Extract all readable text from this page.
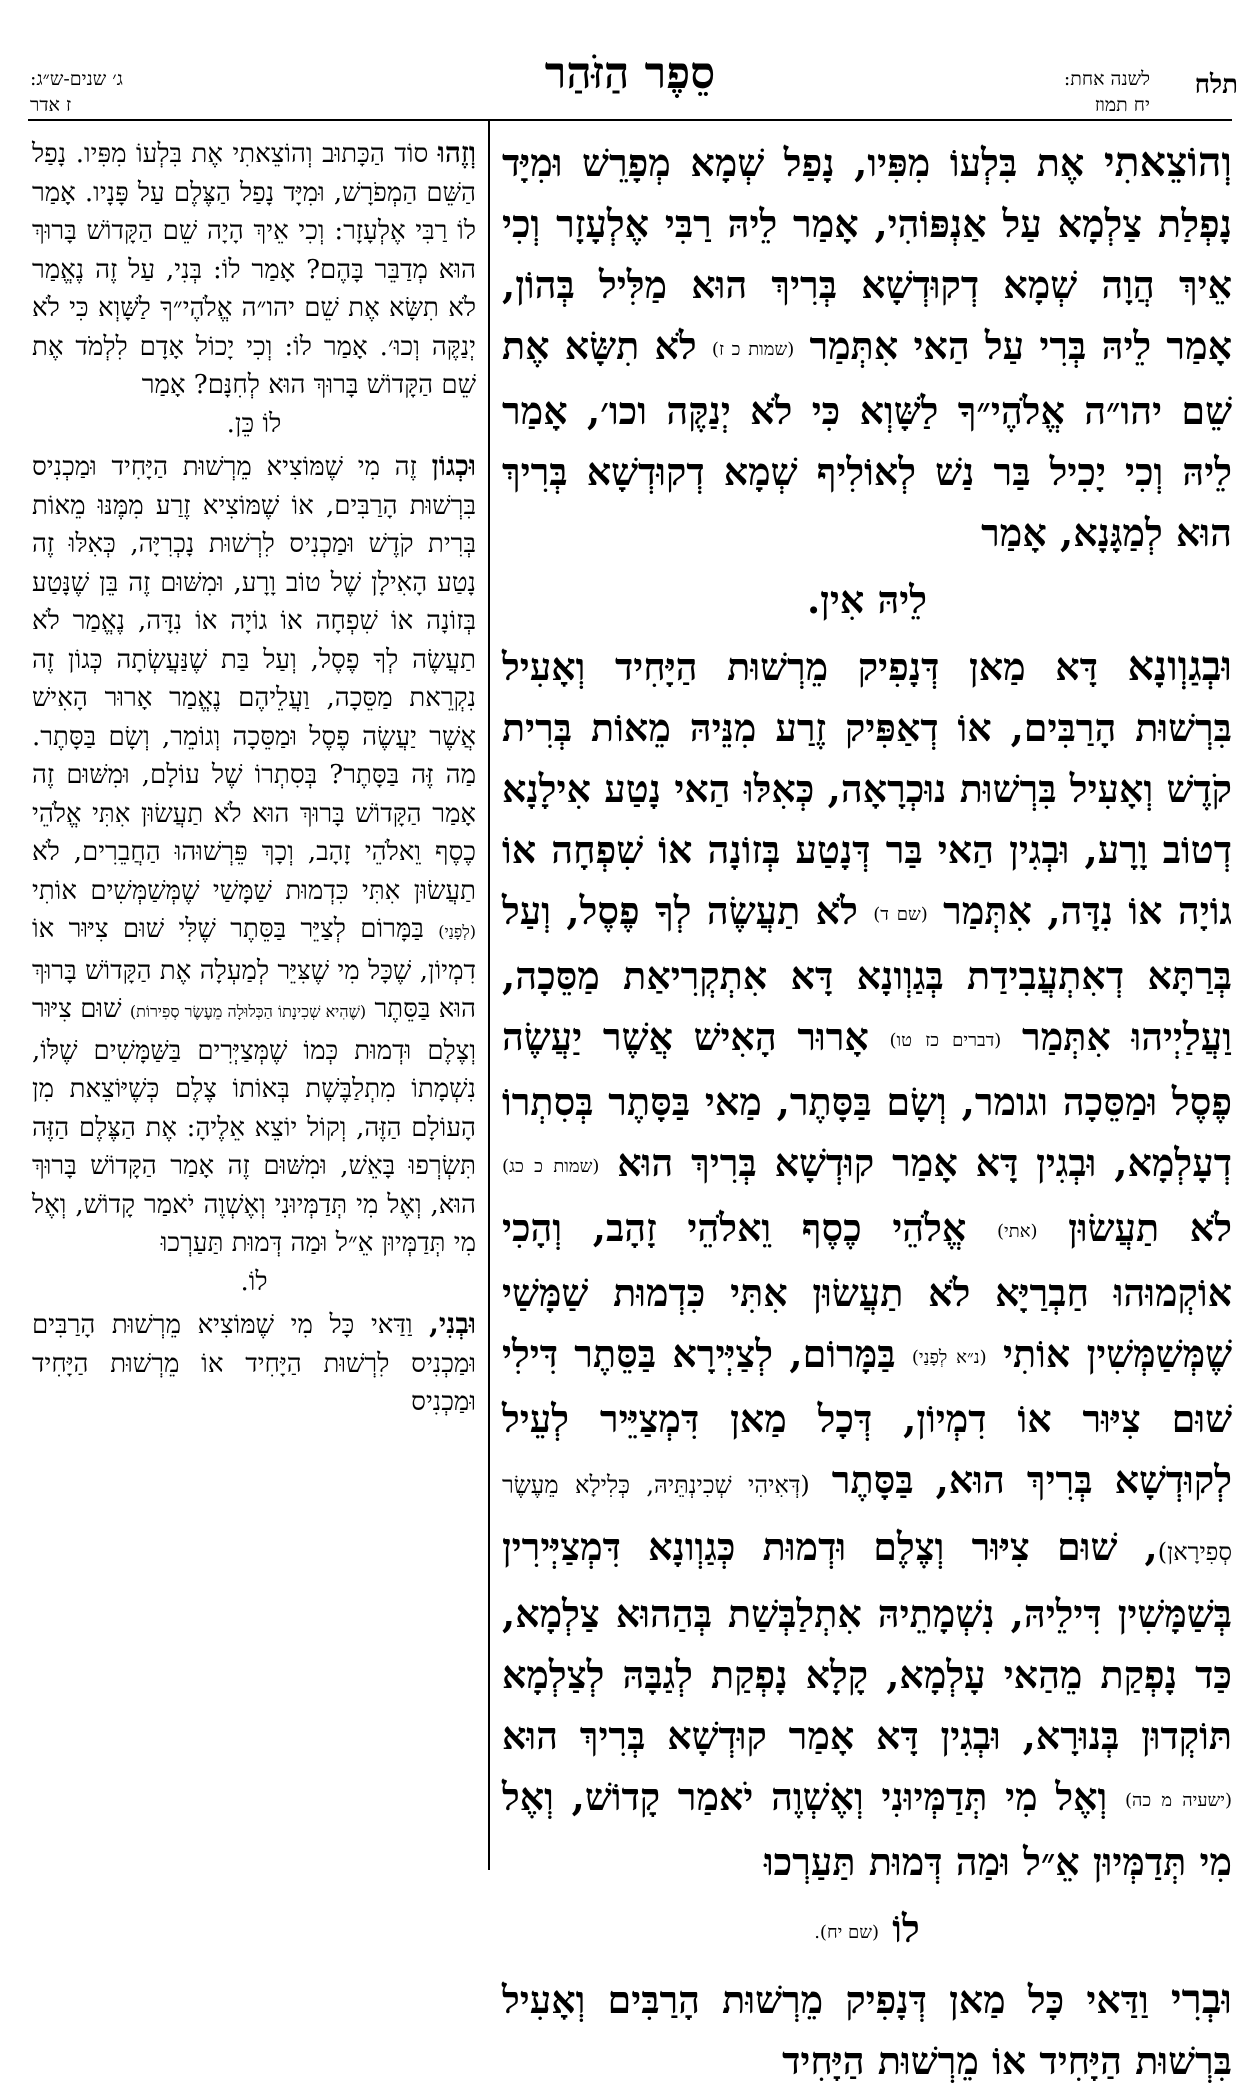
תלח
לשנה אחת:
יח תמוז
סֵפֶר הַזֹּהַר
ג׳ שנים-ש״ג:
ז אדר

וְהוֹצֵאתִי אֶת בִּלְעוֹ מִפִּיו, נָפַל שְׁמָא מְפָרֵשׁ וּמִיָּד נָפְלַת צַלְמָא עַל אַנְפּוֹהִי, אָמַר לֵיהּ רַבִּי אֶלְעָזָר וְכִי אֵיךְ הֲוָה שְׁמָא דְקוּדְשָׁא בְּרִיךְ הוּא מַלִּיל בְּהוֹן, אָמַר לֵיהּ בְּרִי עַל הַאי אִתְּמַר (שמות כ ז) לֹא תִשָּׂא אֶת שֵׁם יהו״ה אֱלֹהֶי״ךָ לַשָּׁוְא כִּי לֹא יְנַקֶּה וכו׳, אָמַר לֵיהּ וְכִי יָכִיל בַּר נַשׁ לְאוֹלִיף שְׁמָא דְקוּדְשָׁא בְּרִיךְ הוּא לְמַגָּנָא, אָמַר

לֵיהּ אִין.

וּבְגַוְונָא דָּא מַאן דְּנָפִיק מֵרְשׁוּת הַיָּחִיד וְאָעִיל בִּרְשׁוּת הָרַבִּים, אוֹ דְאַפִּיק זֶרַע מִנֵּיהּ מֵאוֹת בְּרִית קֹדֶשׁ וְאָעִיל בִּרְשׁוּת נוּכְרָאָה, כְּאִלּוּ הַאי נָטַע אִילָנָא דְטוֹב וָרָע, וּבְגִין הַאי בַּר דְּנָטַע בְּזוֹנָה אוֹ שִׁפְחָה אוֹ גוֹיָה אוֹ נִדָּה, אִתְּמַר (שם ד) לֹא תַעֲשֶׂה לְךָ פֶסֶל, וְעַל בְּרַתָּא דְאִתְעֲבִידַת בְּגַוְונָא דָּא אִתְקְרִיאַת מַסֵּכָה, וַעֲלַיְיהוּ אִתְּמַר (דברים כז טו) אָרוּר הָאִישׁ אֲשֶׁר יַעֲשֶׂה פֶסֶל וּמַסֵּכָה וגומר, וְשָׂם בַּסָּתֶר, מַאי בַּסָּתֶר בְּסִתְרוֹ דְעָלְמָא, וּבְגִין דָּא אָמַר קוּדְשָׁא בְּרִיךְ הוּא (שמות כ כג) לֹא תַעֲשׂוּן (אתי) אֱלֹהֵי כֶסֶף וֵאלֹהֵי זָהָב, וְהָכִי אוֹקְמוּהוּ חַבְרַיָּא לֹא תַעֲשׂוּן אִתִּי כִּדְמוּת שַׁמָּשַׁי שֶׁמְּשַׁמְּשִׁין אוֹתִי (נ״א לְפָנַי) בַּמָּרוֹם, לְצַיְּירָא בַּסֵּתֶר דִּילִי שׁוּם צִיּוּר אוֹ דִמְיוֹן, דְּכָל מַאן דִּמְצַיֵּיר לְעֵיל לְקוּדְשָׁא בְּרִיךְ הוּא, בַּסָּתֶר (דְּאִיהִי שְׁכִינְתֵּיהּ, כְּלִילָא מֵעֶשֶׂר סְפִירָאן), שׁוּם צִיּוּר וְצֶלֶם וּדְמוּת כְּגַוְונָא דִּמְצַיְּירִין בְּשַׁמָּשִׁין דִּילֵיהּ, נִשְׁמָתֵיהּ אִתְלַבְּשַׁת בְּהַהוּא צַלְמָא, כַּד נָפְקַת מֵהַאי עָלְמָא, קָלָא נָפְקַת לְגַבָּהּ לְצַלְמָא תּוֹקְדוּן בְּנוּרָא, וּבְגִין דָּא אָמַר קוּדְשָׁא בְּרִיךְ הוּא (ישעיה מ כה) וְאֶל מִי תְּדַמְּיוּנִי וְאֶשְׁוֶה יֹאמַר קָדוֹשׁ, וְאֶל מִי תְּדַמְּיוּן אֵ״ל וּמַה דְּמוּת תַּעַרְכוּ

לוֹ (שם יח).

וּבְרִי וַדַּאי כָּל מַאן דְּנָפִיק מֵרְשׁוּת הָרַבִּים וְאָעִיל בִּרְשׁוּת הַיָּחִיד אוֹ מֵרְשׁוּת הַיָּחִיד

וְזֶהוּ סוֹד הַכָּתוּב וְהוֹצֵאתִי אֶת בִּלְעוֹ מִפִּיו. נָפַל הַשֵּׁם הַמְפֹרָשׁ, וּמִיָּד נָפַל הַצֶּלֶם עַל פָּנָיו. אָמַר לוֹ רַבִּי אֶלְעָזָר: וְכִי אֵיךְ הָיָה שֵׁם הַקָּדוֹשׁ בָּרוּךְ הוּא מְדַבֵּר בָּהֶם? אָמַר לוֹ: בְּנִי, עַל זֶה נֶאֱמַר לֹא תִשָּׂא אֶת שֵׁם יהו״ה אֱלֹהֶי״ךָ לַשָּׁוְא כִּי לֹא יְנַקֶּה וְכוּ׳. אָמַר לוֹ: וְכִי יָכוֹל אָדָם לִלְמֹד אֶת שֵׁם הַקָּדוֹשׁ בָּרוּךְ הוּא לְחִנָּם? אָמַר
לוֹ כֵּן.

וּכְגוֹן זֶה מִי שֶׁמּוֹצִיא מֵרְשׁוּת הַיָּחִיד וּמַכְנִיס בִּרְשׁוּת הָרַבִּים, אוֹ שֶׁמּוֹצִיא זֶרַע מִמֶּנּוּ מֵאוֹת בְּרִית קֹדֶשׁ וּמַכְנִיס לִרְשׁוּת נָכְרִיָּה, כְּאִלּוּ זֶה נָטַע הָאִילָן שֶׁל טוֹב וָרָע, וּמִשּׁוּם זֶה בֵּן שֶׁנָּטַע בְּזוֹנָה אוֹ שִׁפְחָה אוֹ גוֹיָה אוֹ נִדָּה, נֶאֱמַר לֹא תַעֲשֶׂה לְךָ פֶסֶל, וְעַל בַּת שֶׁנַּעֲשְׂתָה כְּגוֹן זֶה נִקְרֵאת מַסֵּכָה, וַעֲלֵיהֶם נֶאֱמַר אָרוּר הָאִישׁ אֲשֶׁר יַעֲשֶׂה פֶסֶל וּמַסֵּכָה וְגוֹמֵר, וְשָׂם בַּסָּתֶר. מַה זֶּה בַּסָּתֶר? בְּסִתְרוֹ שֶׁל עוֹלָם, וּמִשּׁוּם זֶה אָמַר הַקָּדוֹשׁ בָּרוּךְ הוּא לֹא תַעֲשׂוּן אִתִּי אֱלֹהֵי כֶסֶף וֵאלֹהֵי זָהָב, וְכָךְ פֵּרְשׁוּהוּ הַחֲבֵרִים, לֹא תַעֲשׂוּן אִתִּי כִּדְמוּת שַׁמָּשַׁי שֶׁמְּשַׁמְּשִׁים אוֹתִי (לְפָנַי) בַּמָּרוֹם לְצַיֵּר בַּסֵּתֶר שֶׁלִּי שׁוּם צִיּוּר אוֹ דִמְיוֹן, שֶׁכָּל מִי שֶׁצִּיֵּר לְמַעְלָה אֶת הַקָּדוֹשׁ בָּרוּךְ הוּא בַּסֵּתֶר (שֶׁהִיא שְׁכִינָתוֹ הַכְּלוּלָה מֵעֶשֶׂר סְפִירוֹת) שׁוּם צִיּוּר וְצֶלֶם וּדְמוּת כְּמוֹ שֶׁמְּצַיְּרִים בַּשַּׁמָּשִׁים שֶׁלּוֹ, נִשְׁמָתוֹ מִתְלַבֶּשֶׁת בְּאוֹתוֹ צֶלֶם כְּשֶׁיּוֹצֵאת מִן הָעוֹלָם הַזֶּה, וְקוֹל יוֹצֵא אֵלֶיהָ: אֶת הַצֶּלֶם הַזֶּה תִּשְׂרְפוּ בָּאֵשׁ, וּמִשּׁוּם זֶה אָמַר הַקָּדוֹשׁ בָּרוּךְ הוּא, וְאֶל מִי תְּדַמְּיוּנִי וְאֶשְׁוֶה יֹאמַר קָדוֹשׁ, וְאֶל מִי תְּדַמְּיוּן אֵ״ל וּמַה דְּמוּת תַּעַרְכוּ
לוֹ.

וּבְנִי, וַדַּאי כָּל מִי שֶׁמּוֹצִיא מֵרְשׁוּת הָרַבִּים וּמַכְנִיס לִרְשׁוּת הַיָּחִיד אוֹ מֵרְשׁוּת הַיָּחִיד וּמַכְנִיס
